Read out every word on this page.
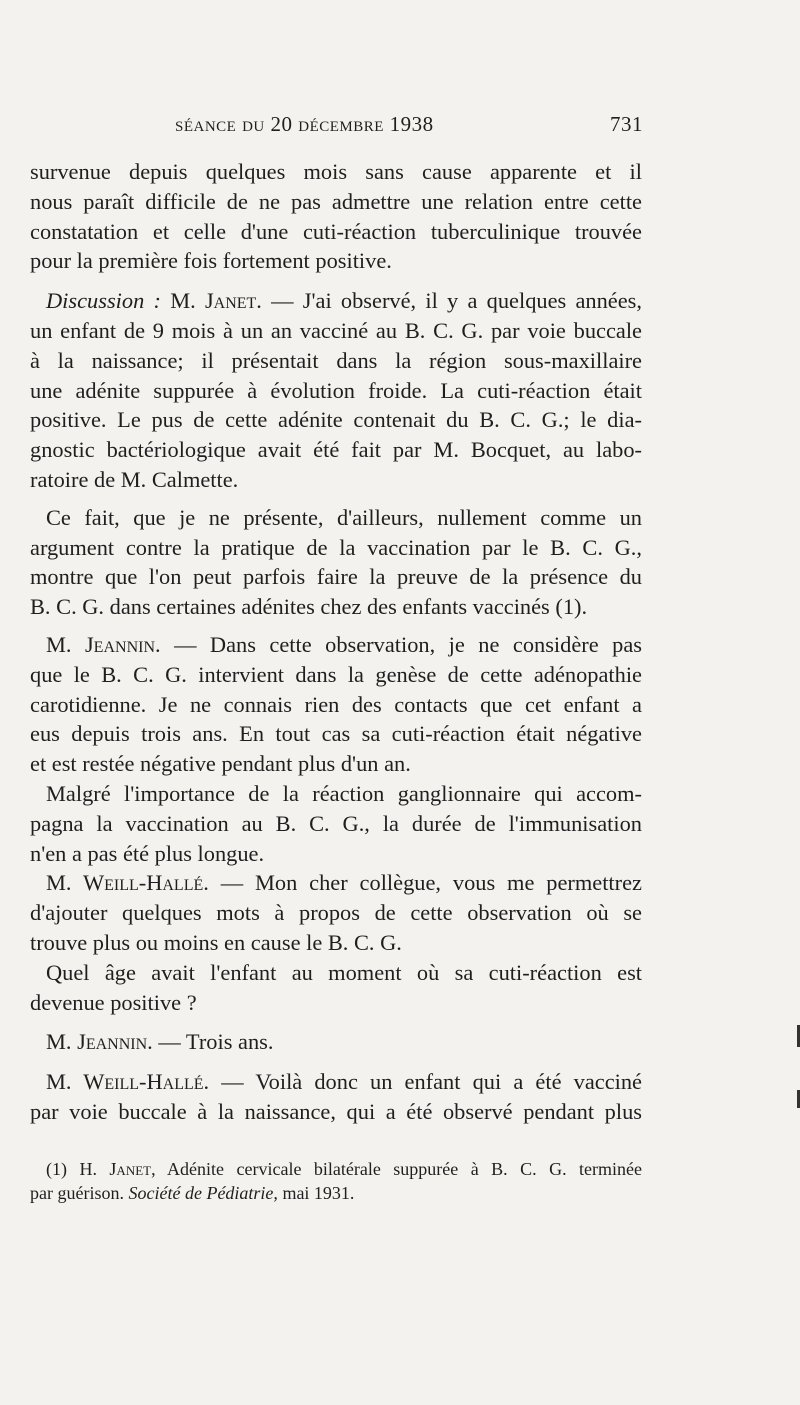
séance du 20 décembre 1938	731
survenue depuis quelques mois sans cause apparente et il
nous paraît difficile de ne pas admettre une relation entre cette
constatation et celle d'une cuti-réaction tuberculinique trouvée
pour la première fois fortement positive.
Discussion : M. Janet. — J'ai observé, il y a quelques années,
un enfant de 9 mois à un an vacciné au B. C. G. par voie buccale
à la naissance; il présentait dans la région sous-maxillaire
une adénite suppurée à évolution froide. La cuti-réaction était
positive. Le pus de cette adénite contenait du B. C. G.; le dia-
gnostic bactériologique avait été fait par M. Bocquet, au labo-
ratoire de M. Calmette.
Ce fait, que je ne présente, d'ailleurs, nullement comme un
argument contre la pratique de la vaccination par le B. C. G.,
montre que l'on peut parfois faire la preuve de la présence du
B. C. G. dans certaines adénites chez des enfants vaccinés (1).
M. Jeannin. — Dans cette observation, je ne considère pas
que le B. C. G. intervient dans la genèse de cette adénopathie
carotidienne. Je ne connais rien des contacts que cet enfant a
eus depuis trois ans. En tout cas sa cuti-réaction était négative
et est restée négative pendant plus d'un an.
Malgré l'importance de la réaction ganglionnaire qui accom-
pagna la vaccination au B. C. G., la durée de l'immunisation
n'en a pas été plus longue.
M. Weill-Hallé. — Mon cher collègue, vous me permettrez
d'ajouter quelques mots à propos de cette observation où se
trouve plus ou moins en cause le B. C. G.
Quel âge avait l'enfant au moment où sa cuti-réaction est
devenue positive ?
M. Jeannin. — Trois ans.
M. Weill-Hallé. — Voilà donc un enfant qui a été vacciné
par voie buccale à la naissance, qui a été observé pendant plus
(1) H. Janet, Adénite cervicale bilatérale suppurée à B. C. G. terminée
par guérison. Société de Pédiatrie, mai 1931.
